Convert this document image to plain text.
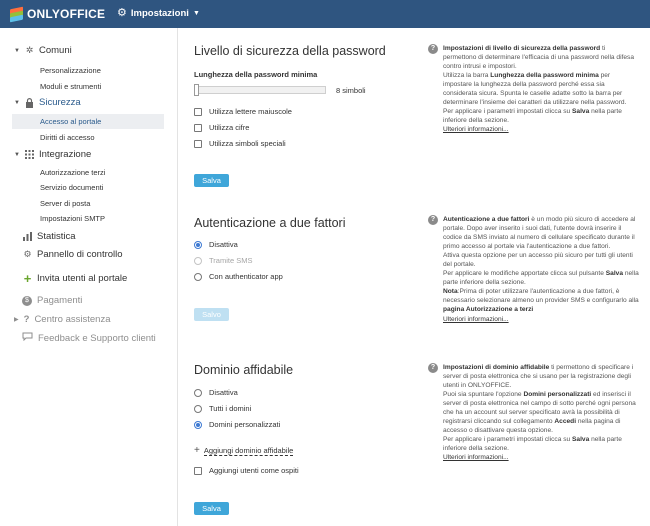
ONLYOFFICE ⚙ Impostazioni ▼
▼ ✲ Comuni
Personalizzazione
Moduli e strumenti
▼ Sicurezza
Accesso al portale
Diritti di accesso
▼ Integrazione
Autorizzazione terzi
Servizio documenti
Server di posta
Impostazioni SMTP
Statistica
⚙ Pannello di controllo
+ Invita utenti al portale
$ Pagamenti
▶ ? Centro assistenza
Feedback e Supporto clienti
Livello di sicurezza della password
Lunghezza della password minima
8 simboli
Utilizza lettere maiuscole
Utilizza cifre
Utilizza simboli speciali
Salva
?	Impostazioni di livello di sicurezza della password ti permettono di determinare l'efficacia di una password nella difesa contro intrusi e impostori.
Utilizza la barra Lunghezza della password minima per impostare la lunghezza della password perché essa sia considerata sicura. Spunta le caselle adatte sotto la barra per determinare l'insieme dei caratteri da utilizzare nella password.
Per applicare i parametri impostati clicca su Salva nella parte inferiore della sezione.
Ulteriori informazioni...
Autenticazione a due fattori
Disattiva
Tramite SMS
Con authenticator app
Salvo
?	Autenticazione a due fattori è un modo più sicuro di accedere al portale. Dopo aver inserito i suoi dati, l'utente dovrà inserire il codice da SMS inviato al numero di cellulare specificato durante il primo accesso al portale via l'autenticazione a due fattori.
Attiva questa opzione per un accesso più sicuro per tutti gli utenti del portale.
Per applicare le modifiche apportate clicca sul pulsante Salva nella parte inferiore della sezione.
Nota:Prima di poter utilizzare l'autenticazione a due fattori, è necessario selezionare almeno un provider SMS e configurarlo alla pagina Autorizzazione a terzi
Ulteriori informazioni...
Dominio affidabile
Disattiva
Tutti i domini
Domini personalizzati
+ Aggiungi dominio affidabile
Aggiungi utenti come ospiti
Salva
?	Impostazioni di dominio affidabile ti permettono di specificare i server di posta elettronica che si usano per la registrazione degli utenti in ONLYOFFICE.
Puoi sia spuntare l'opzione Domini personalizzati ed inserisci il server di posta elettronica nel campo di sotto perché ogni persona che ha un account sul server specificato avrà la possibilità di registrarsi cliccando sul collegamento Accedi nella pagina di accesso o disattivare questa opzione.
Per applicare i parametri impostati clicca su Salva nella parte inferiore della sezione.
Ulteriori informazioni...
